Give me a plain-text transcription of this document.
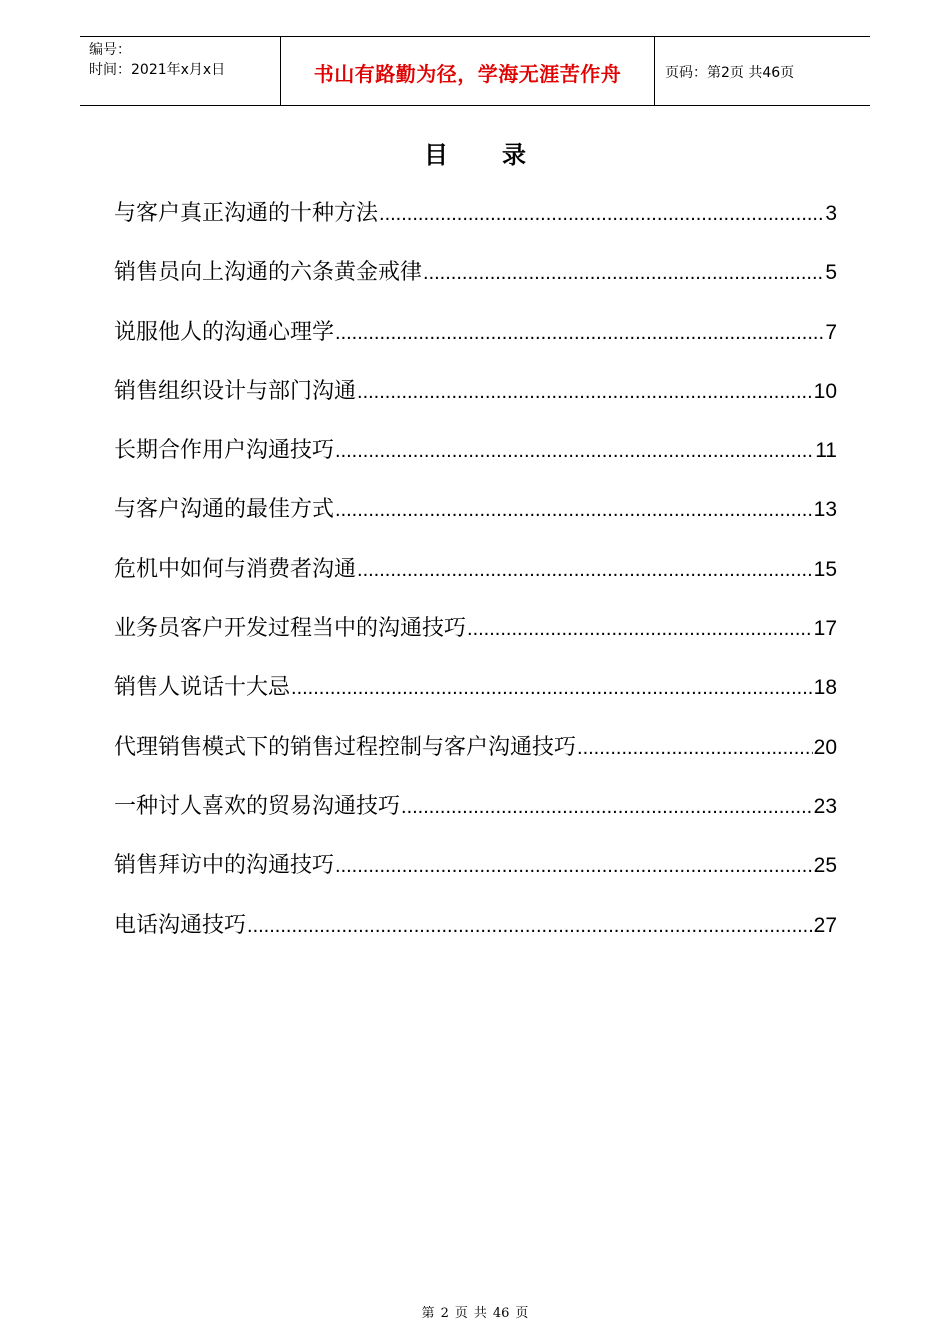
编号：
时间：2021年x月x日	书山有路勤为径，学海无涯苦作舟	页码：第2页 共46页
目 录
与客户真正沟通的十种方法 .....	3
销售员向上沟通的六条黄金戒律 .....	5
说服他人的沟通心理学 .....	7
销售组织设计与部门沟通 .....	10
长期合作用户沟通技巧 .....	11
与客户沟通的最佳方式 .....	13
危机中如何与消费者沟通 .....	15
业务员客户开发过程当中的沟通技巧 .....	17
销售人说话十大忌 .....	18
代理销售模式下的销售过程控制与客户沟通技巧 .....	20
一种讨人喜欢的贸易沟通技巧 .....	23
销售拜访中的沟通技巧 .....	25
电话沟通技巧 .....	27
第 2 页 共 46 页
